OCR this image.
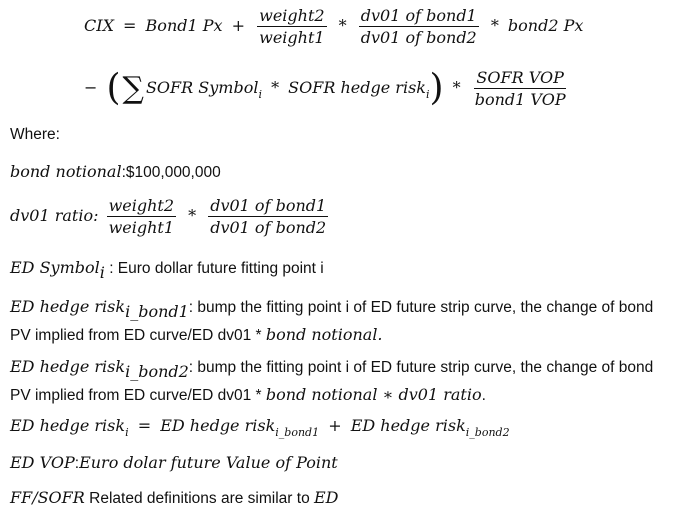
CIX = Bond1 $Px + \frac{\text{weight2}}{\text{weight1}} * \frac{\text{dv01 of bond1}}{\text{dv01 of bond2}}$ * bond2 Px
− (∑ SOFR Symbol$_i$ * SOFR hedge risk$_i$) * $\frac{\text{SOFR VOP}}{\text{bond1 VOP}}$
Where:
bond notional:$100,000,000
dv01 ratio: $\frac{\text{weight2}}{\text{weight1}} * \frac{\text{dv01 of bond1}}{\text{dv01 of bond2}}$
ED Symbol$_i$ : Euro dollar future fitting point i
ED hedge risk$_{i\_bond1}$: bump the fitting point i of ED future strip curve, the change of bond PV implied from ED curve/ED dv01 * bond notional.
ED hedge risk$_{i\_bond2}$: bump the fitting point i of ED future strip curve, the change of bond PV implied from ED curve/ED dv01 * bond notional ∗ dv01 ratio.
ED hedge risk$_i$ = ED hedge risk$_{i\_bond1}$ + ED hedge risk$_{i\_bond2}$
ED VOP:Euro dolar future Value of Point
FF/SOFR Related definitions are similar to ED
